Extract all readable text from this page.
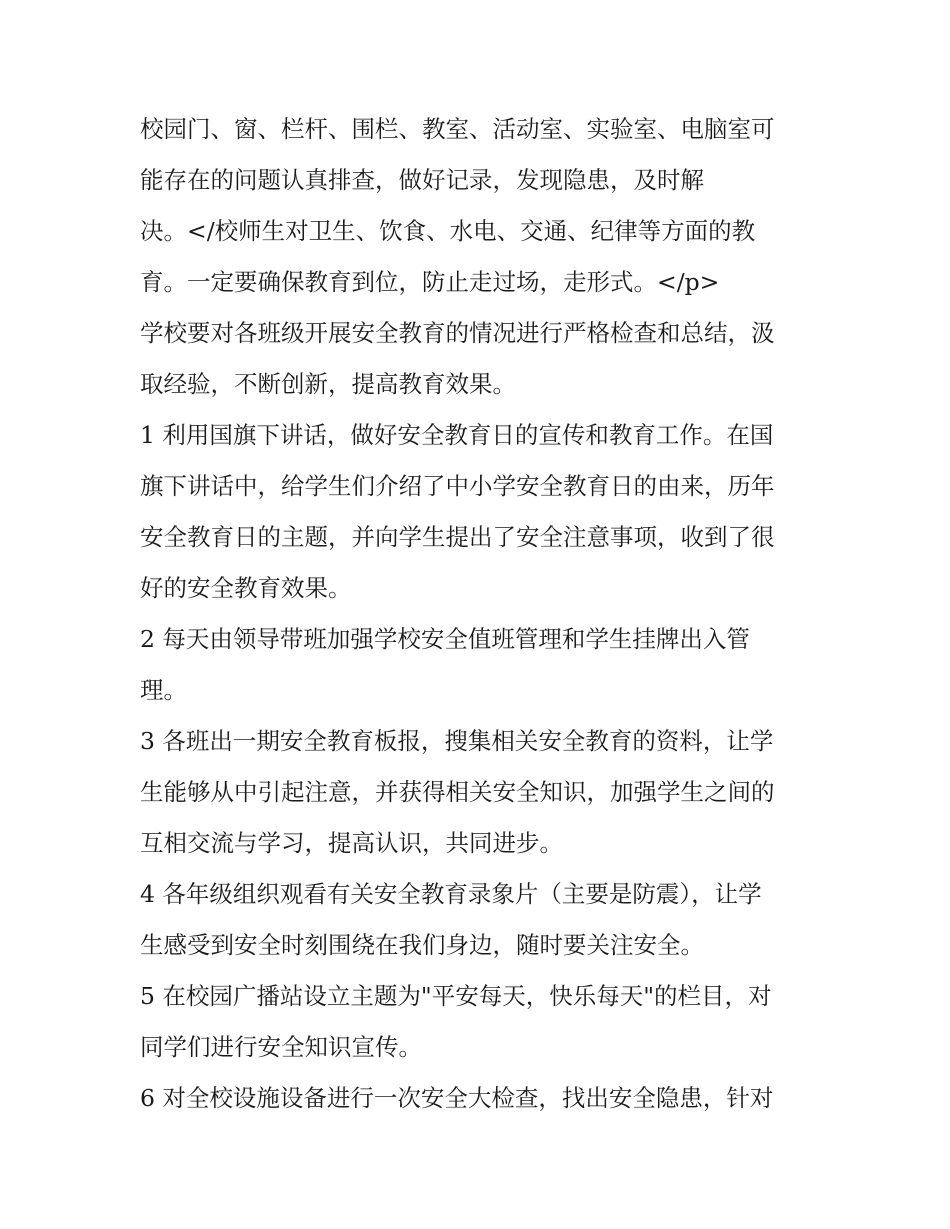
校园门、窗、栏杆、围栏、教室、活动室、实验室、电脑室可
能存在的问题认真排查，做好记录，发现隐患，及时解
决。</校师生对卫生、饮食、水电、交通、纪律等方面的教
育。一定要确保教育到位，防止走过场，走形式。</p>

学校要对各班级开展安全教育的情况进行严格检查和总结，汲
取经验，不断创新，提高教育效果。

1 利用国旗下讲话，做好安全教育日的宣传和教育工作。在国
旗下讲话中，给学生们介绍了中小学安全教育日的由来，历年
安全教育日的主题，并向学生提出了安全注意事项，收到了很
好的安全教育效果。

2 每天由领导带班加强学校安全值班管理和学生挂牌出入管
理。

3 各班出一期安全教育板报，搜集相关安全教育的资料，让学
生能够从中引起注意，并获得相关安全知识，加强学生之间的
互相交流与学习，提高认识，共同进步。

4 各年级组织观看有关安全教育录象片（主要是防震），让学
生感受到安全时刻围绕在我们身边，随时要关注安全。

5 在校园广播站设立主题为"平安每天，快乐每天"的栏目，对
同学们进行安全知识宣传。

6 对全校设施设备进行一次安全大检查，找出安全隐患，针对
